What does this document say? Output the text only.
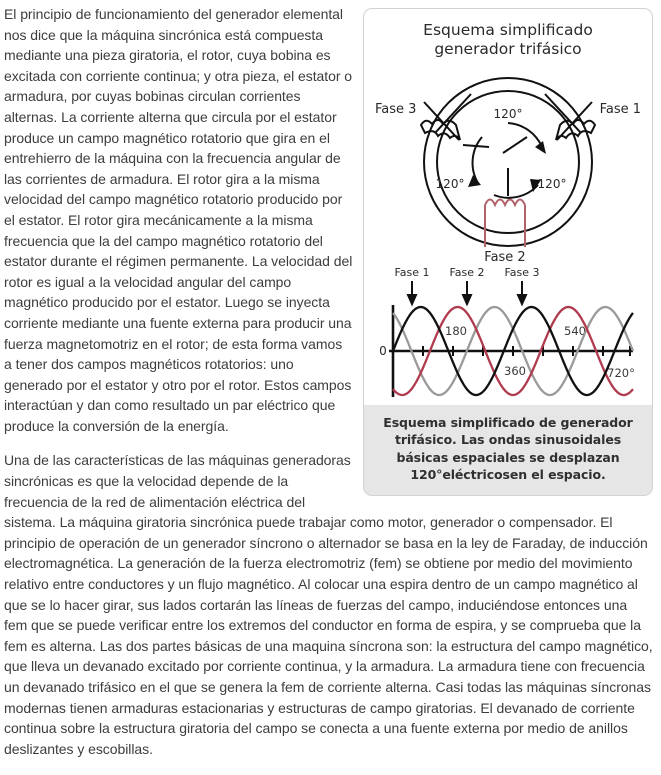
Esquema simplificado
generador trifásico
120°
120°	120°
Fase 3	Fase 1
Fase 2
Fase 1 Fase 2 Fase 3
0
180
360
540
720°
Esquema simplificado de generador trifásico. Las ondas sinusoidales básicas espaciales se desplazan 120°eléctricosen el espacio.

El principio de funcionamiento del generador elemental nos dice que la máquina sincrónica está compuesta mediante una pieza giratoria, el rotor, cuya bobina es excitada con corriente continua; y otra pieza, el estator o armadura, por cuyas bobinas circulan corrientes alternas. La corriente alterna que circula por el estator produce un campo magnético rotatorio que gira en el entrehierro de la máquina con la frecuencia angular de las corrientes de armadura. El rotor gira a la misma velocidad del campo magnético rotatorio producido por el estator. El rotor gira mecánicamente a la misma frecuencia que la del campo magnético rotatorio del estator durante el régimen permanente. La velocidad del rotor es igual a la velocidad angular del campo magnético producido por el estator. Luego se inyecta corriente mediante una fuente externa para producir una fuerza magnetomotriz en el rotor; de esta forma vamos a tener dos campos magnéticos rotatorios: uno generado por el estator y otro por el rotor. Estos campos interactúan y dan como resultado un par eléctrico que produce la conversión de la energía.

Una de las características de las máquinas generadoras sincrónicas es que la velocidad depende de la frecuencia de la red de alimentación eléctrica del sistema. La máquina giratoria sincrónica puede trabajar como motor, generador o compensador. El principio de operación de un generador síncrono o alternador se basa en la ley de Faraday, de inducción electromagnética. La generación de la fuerza electromotriz (fem) se obtiene por medio del movimiento relativo entre conductores y un flujo magnético. Al colocar una espira dentro de un campo magnético al que se lo hacer girar, sus lados cortarán las líneas de fuerzas del campo, induciéndose entonces una fem que se puede verificar entre los extremos del conductor en forma de espira, y se comprueba que la fem es alterna. Las dos partes básicas de una maquina síncrona son: la estructura del campo magnético, que lleva un devanado excitado por corriente continua, y la armadura. La armadura tiene con frecuencia un devanado trifásico en el que se genera la fem de corriente alterna. Casi todas las máquinas síncronas modernas tienen armaduras estacionarias y estructuras de campo giratorias. El devanado de corriente continua sobre la estructura giratoria del campo se conecta a una fuente externa por medio de anillos deslizantes y escobillas.
